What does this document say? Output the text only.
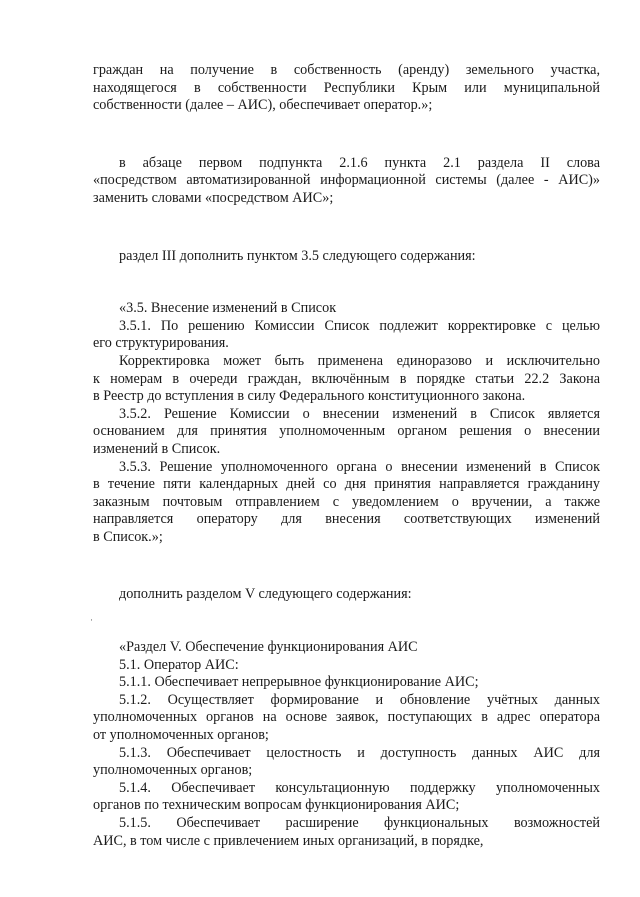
граждан на получение в собственность (аренду) земельного участка,

находящегося в собственности Республики Крым или муниципальной

собственности (далее – АИС), обеспечивает оператор.»;

в абзаце первом подпункта 2.1.6 пункта 2.1 раздела II слова

«посредством автоматизированной информационной системы (далее - АИС)»

заменить словами «посредством АИС»;

раздел III дополнить пунктом 3.5 следующего содержания:

«3.5. Внесение изменений в Список

3.5.1. По решению Комиссии Список подлежит корректировке с целью

его структурирования.

Корректировка может быть применена единоразово и исключительно

к номерам в очереди граждан, включённым в порядке статьи 22.2 Закона

в Реестр до вступления в силу Федерального конституционного закона.

3.5.2. Решение Комиссии о внесении изменений в Список является

основанием для принятия уполномоченным органом решения о внесении

изменений в Список.

3.5.3. Решение уполномоченного органа о внесении изменений в Список

в течение пяти календарных дней со дня принятия направляется гражданину

заказным почтовым отправлением с уведомлением о вручении, а также

направляется оператору для внесения соответствующих изменений

в Список.»;

дополнить разделом V следующего содержания:

«Раздел V. Обеспечение функционирования АИС

5.1. Оператор АИС:

5.1.1. Обеспечивает непрерывное функционирование АИС;

5.1.2. Осуществляет формирование и обновление учётных данных

уполномоченных органов на основе заявок, поступающих в адрес оператора

от уполномоченных органов;

5.1.3. Обеспечивает целостность и доступность данных АИС для

уполномоченных органов;

5.1.4. Обеспечивает консультационную поддержку уполномоченных

органов по техническим вопросам функционирования АИС;

5.1.5. Обеспечивает расширение функциональных возможностей

АИС, в том числе с привлечением иных организаций, в порядке,

·
